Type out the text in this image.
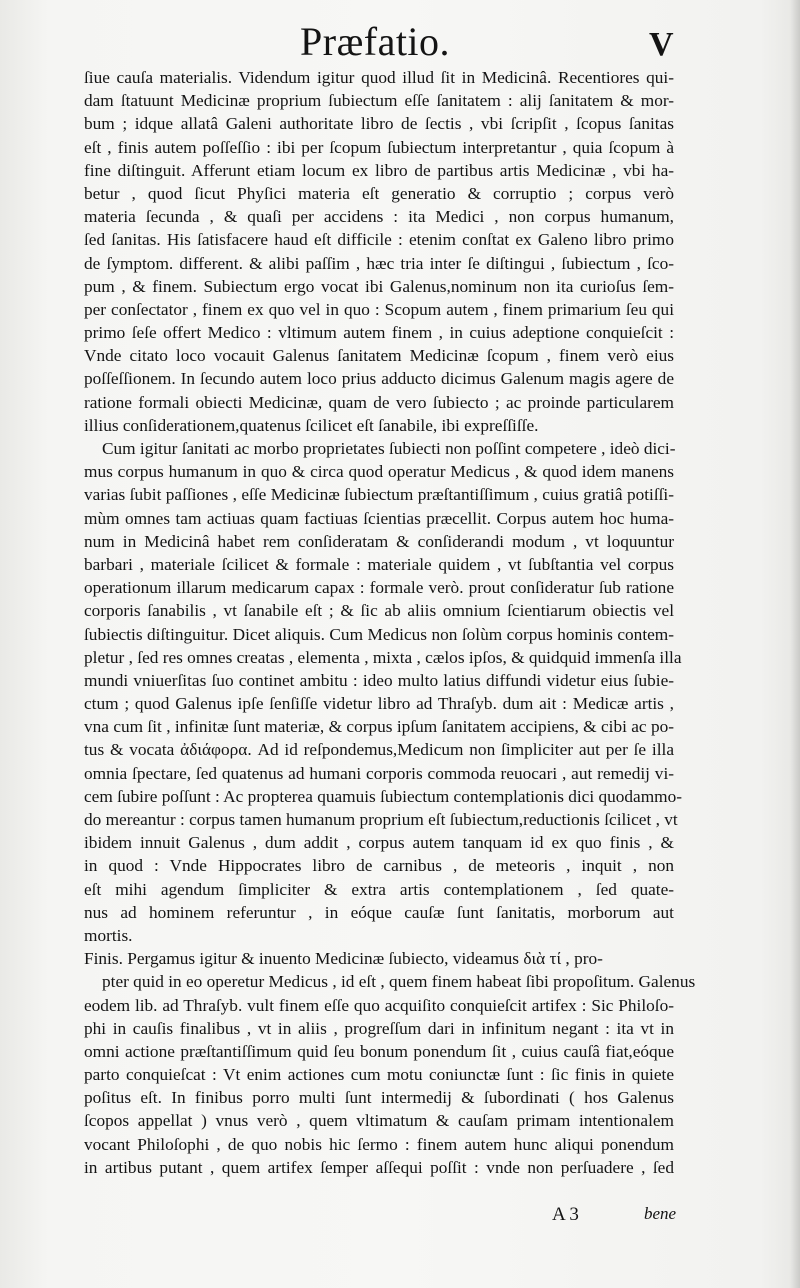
Præfatio.	V
ſiue cauſa materialis. Videndum igitur quod illud ſit in Medicinâ. Recentiores qui-
dam ſtatuunt Medicinæ proprium ſubiectum eſſe ſanitatem : alij ſanitatem & mor-
bum ; idque allatâ Galeni authoritate libro de ſectis , vbi ſcripſit , ſcopus ſanitas
eſt , finis autem poſſeſſio : ibi per ſcopum ſubiectum interpretantur , quia ſcopum à
fine diſtinguit. Afferunt etiam locum ex libro de partibus artis Medicinæ , vbi ha-
betur , quod ſicut Phyſici materia eſt generatio & corruptio ; corpus verò
materia ſecunda , & quaſi per accidens : ita Medici , non corpus humanum,
ſed ſanitas. His ſatisfacere haud eſt difficile : etenim conſtat ex Galeno libro primo
de ſymptom. different. & alibi paſſim , hæc tria inter ſe diſtingui , ſubiectum , ſco-
pum , & finem. Subiectum ergo vocat ibi Galenus,nominum non ita curioſus ſem-
per conſectator , finem ex quo vel in quo : Scopum autem , finem primarium ſeu qui
primo ſeſe offert Medico : vltimum autem finem , in cuius adeptione conquieſcit :
Vnde citato loco vocauit Galenus ſanitatem Medicinæ ſcopum , finem verò eius
poſſeſſionem. In ſecundo autem loco prius adducto dicimus Galenum magis agere de
ratione formali obiecti Medicinæ, quam de vero ſubiecto ; ac proinde particularem
illius conſiderationem,quatenus ſcilicet eſt ſanabile, ibi expreſſiſſe.
Cum igitur ſanitati ac morbo proprietates ſubiecti non poſſint competere , ideò dici-
mus corpus humanum in quo & circa quod operatur Medicus , & quod idem manens
varias ſubit paſſiones , eſſe Medicinæ ſubiectum præſtantiſſimum , cuius gratiâ potiſſi-
mùm omnes tam actiuas quam factiuas ſcientias præcellit. Corpus autem hoc huma-
num in Medicinâ habet rem conſideratam & conſiderandi modum , vt loquuntur
barbari , materiale ſcilicet & formale : materiale quidem , vt ſubſtantia vel corpus
operationum illarum medicarum capax : formale verò. prout conſideratur ſub ratione
corporis ſanabilis , vt ſanabile eſt ; & ſic ab aliis omnium ſcientiarum obiectis vel
ſubiectis diſtinguitur. Dicet aliquis. Cum Medicus non ſolùm corpus hominis contem-
pletur , ſed res omnes creatas , elementa , mixta , cælos ipſos, & quidquid immenſa illa
mundi vniuerſitas ſuo continet ambitu : ideo multo latius diffundi videtur eius ſubie-
ctum ; quod Galenus ipſe ſenſiſſe videtur libro ad Thraſyb. dum ait : Medicæ artis ,
vna cum ſit , infinitæ ſunt materiæ, & corpus ipſum ſanitatem accipiens, & cibi ac po-
tus & vocata ἀδιάφορα. Ad id reſpondemus,Medicum non ſimpliciter aut per ſe illa
omnia ſpectare, ſed quatenus ad humani corporis commoda reuocari , aut remedij vi-
cem ſubire poſſunt : Ac propterea quamuis ſubiectum contemplationis dici quodammo-
do mereantur : corpus tamen humanum proprium eſt ſubiectum,reductionis ſcilicet , vt
ibidem innuit Galenus , dum addit , corpus autem tanquam id ex quo finis , &
in quod : Vnde Hippocrates libro de carnibus , de meteoris , inquit , non
eſt mihi agendum ſimpliciter & extra artis contemplationem , ſed quate-
nus ad hominem referuntur , in eóque cauſæ ſunt ſanitatis, morborum aut
mortis.
Finis. Pergamus igitur & inuento Medicinæ ſubiecto, videamus διὰ τί , pro-
pter quid in eo operetur Medicus , id eſt , quem finem habeat ſibi propoſitum. Galenus
eodem lib. ad Thraſyb. vult finem eſſe quo acquiſito conquieſcit artifex : Sic Philoſo-
phi in cauſis finalibus , vt in aliis , progreſſum dari in infinitum negant : ita vt in
omni actione præſtantiſſimum quid ſeu bonum ponendum ſit , cuius cauſâ fiat,eóque
parto conquieſcat : Vt enim actiones cum motu coniunctæ ſunt : ſic finis in quiete
poſitus eſt. In finibus porro multi ſunt intermedij & ſubordinati ( hos Galenus
ſcopos appellat ) vnus verò , quem vltimatum & cauſam primam intentionalem
vocant Philoſophi , de quo nobis hic ſermo : finem autem hunc aliqui ponendum
in artibus putant , quem artifex ſemper aſſequi poſſit : vnde non perſuadere , ſed
A 3	bene
